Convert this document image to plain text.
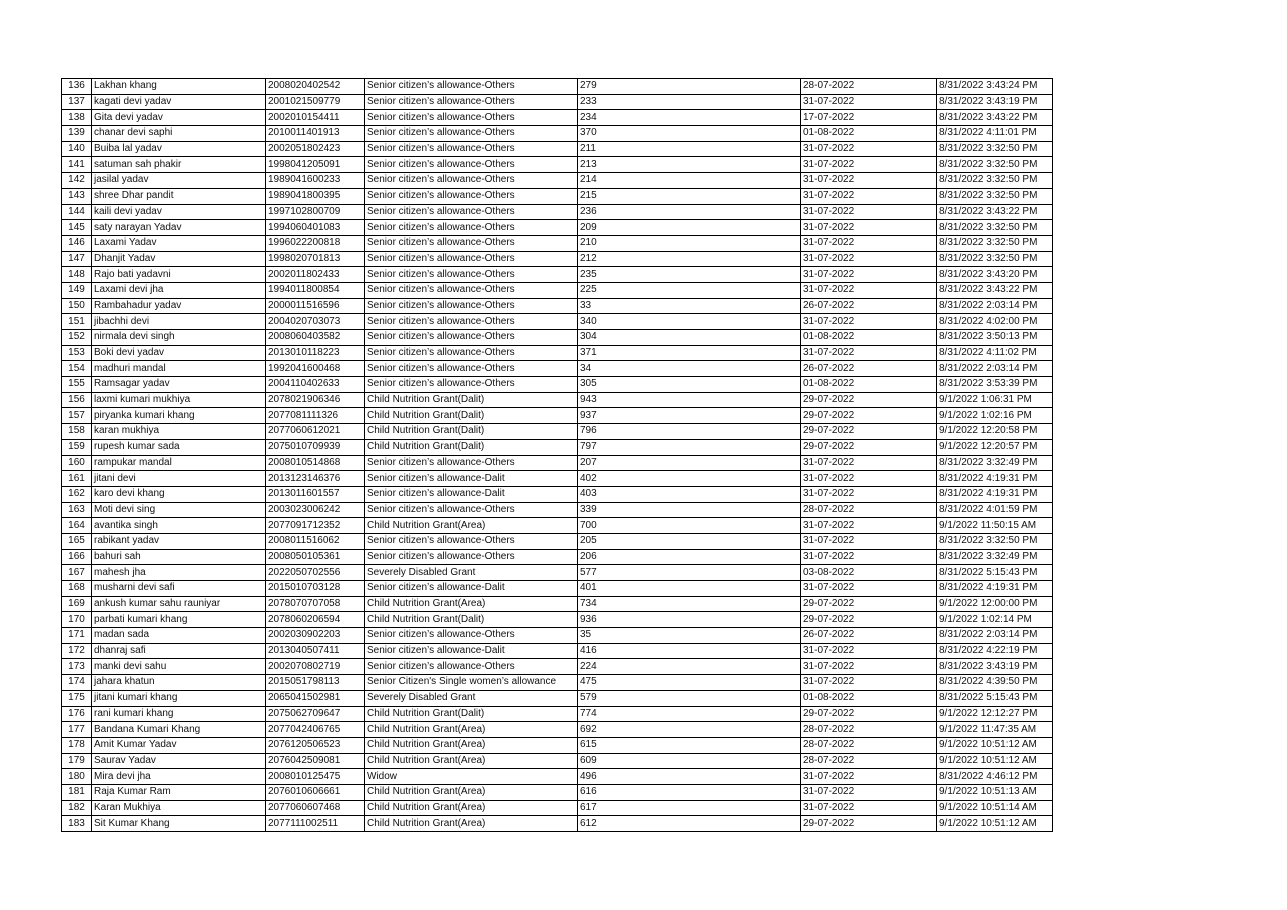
136	Lakhan khang	2008020402542	Senior citizen’s allowance-Others	279	28-07-2022	8/31/2022 3:43:24 PM
137	kagati devi yadav	2001021509779	Senior citizen’s allowance-Others	233	31-07-2022	8/31/2022 3:43:19 PM
138	Gita devi yadav	2002010154411	Senior citizen’s allowance-Others	234	17-07-2022	8/31/2022 3:43:22 PM
139	chanar devi saphi	2010011401913	Senior citizen’s allowance-Others	370	01-08-2022	8/31/2022 4:11:01 PM
140	Buiba lal yadav	2002051802423	Senior citizen’s allowance-Others	211	31-07-2022	8/31/2022 3:32:50 PM
141	satuman sah phakir	1998041205091	Senior citizen’s allowance-Others	213	31-07-2022	8/31/2022 3:32:50 PM
142	jasilal yadav	1989041600233	Senior citizen’s allowance-Others	214	31-07-2022	8/31/2022 3:32:50 PM
143	shree Dhar pandit	1989041800395	Senior citizen’s allowance-Others	215	31-07-2022	8/31/2022 3:32:50 PM
144	kaili devi yadav	1997102800709	Senior citizen’s allowance-Others	236	31-07-2022	8/31/2022 3:43:22 PM
145	saty narayan Yadav	1994060401083	Senior citizen’s allowance-Others	209	31-07-2022	8/31/2022 3:32:50 PM
146	Laxami Yadav	1996022200818	Senior citizen’s allowance-Others	210	31-07-2022	8/31/2022 3:32:50 PM
147	Dhanjit Yadav	1998020701813	Senior citizen’s allowance-Others	212	31-07-2022	8/31/2022 3:32:50 PM
148	Rajo bati yadavni	2002011802433	Senior citizen’s allowance-Others	235	31-07-2022	8/31/2022 3:43:20 PM
149	Laxami devi jha	1994011800854	Senior citizen’s allowance-Others	225	31-07-2022	8/31/2022 3:43:22 PM
150	Rambahadur yadav	2000011516596	Senior citizen’s allowance-Others	33	26-07-2022	8/31/2022 2:03:14 PM
151	jibachhi devi	2004020703073	Senior citizen’s allowance-Others	340	31-07-2022	8/31/2022 4:02:00 PM
152	nirmala devi singh	2008060403582	Senior citizen’s allowance-Others	304	01-08-2022	8/31/2022 3:50:13 PM
153	Boki devi yadav	2013010118223	Senior citizen’s allowance-Others	371	31-07-2022	8/31/2022 4:11:02 PM
154	madhuri mandal	1992041600468	Senior citizen’s allowance-Others	34	26-07-2022	8/31/2022 2:03:14 PM
155	Ramsagar yadav	2004110402633	Senior citizen’s allowance-Others	305	01-08-2022	8/31/2022 3:53:39 PM
156	laxmi kumari mukhiya	2078021906346	Child Nutrition Grant(Dalit)	943	29-07-2022	9/1/2022 1:06:31 PM
157	piryanka kumari khang	2077081111326	Child Nutrition Grant(Dalit)	937	29-07-2022	9/1/2022 1:02:16 PM
158	karan mukhiya	2077060612021	Child Nutrition Grant(Dalit)	796	29-07-2022	9/1/2022 12:20:58 PM
159	rupesh kumar sada	2075010709939	Child Nutrition Grant(Dalit)	797	29-07-2022	9/1/2022 12:20:57 PM
160	rampukar mandal	2008010514868	Senior citizen’s allowance-Others	207	31-07-2022	8/31/2022 3:32:49 PM
161	jitani devi	2013123146376	Senior citizen’s allowance-Dalit	402	31-07-2022	8/31/2022 4:19:31 PM
162	karo devi khang	2013011601557	Senior citizen’s allowance-Dalit	403	31-07-2022	8/31/2022 4:19:31 PM
163	Moti devi sing	2003023006242	Senior citizen’s allowance-Others	339	28-07-2022	8/31/2022 4:01:59 PM
164	avantika singh	2077091712352	Child Nutrition Grant(Area)	700	31-07-2022	9/1/2022 11:50:15 AM
165	rabikant yadav	2008011516062	Senior citizen’s allowance-Others	205	31-07-2022	8/31/2022 3:32:50 PM
166	bahuri sah	2008050105361	Senior citizen’s allowance-Others	206	31-07-2022	8/31/2022 3:32:49 PM
167	mahesh jha	2022050702556	Severely Disabled Grant	577	03-08-2022	8/31/2022 5:15:43 PM
168	musharni devi safi	2015010703128	Senior citizen’s allowance-Dalit	401	31-07-2022	8/31/2022 4:19:31 PM
169	ankush kumar sahu rauniyar	2078070707058	Child Nutrition Grant(Area)	734	29-07-2022	9/1/2022 12:00:00 PM
170	parbati kumari khang	2078060206594	Child Nutrition Grant(Dalit)	936	29-07-2022	9/1/2022 1:02:14 PM
171	madan sada	2002030902203	Senior citizen’s allowance-Others	35	26-07-2022	8/31/2022 2:03:14 PM
172	dhanraj safi	2013040507411	Senior citizen’s allowance-Dalit	416	31-07-2022	8/31/2022 4:22:19 PM
173	manki devi sahu	2002070802719	Senior citizen’s allowance-Others	224	31-07-2022	8/31/2022 3:43:19 PM
174	jahara khatun	2015051798113	Senior Citizen's Single women’s allowance	475	31-07-2022	8/31/2022 4:39:50 PM
175	jitani kumari khang	2065041502981	Severely Disabled Grant	579	01-08-2022	8/31/2022 5:15:43 PM
176	rani kumari khang	2075062709647	Child Nutrition Grant(Dalit)	774	29-07-2022	9/1/2022 12:12:27 PM
177	Bandana Kumari Khang	2077042406765	Child Nutrition Grant(Area)	692	28-07-2022	9/1/2022 11:47:35 AM
178	Amit Kumar Yadav	2076120506523	Child Nutrition Grant(Area)	615	28-07-2022	9/1/2022 10:51:12 AM
179	Saurav Yadav	2076042509081	Child Nutrition Grant(Area)	609	28-07-2022	9/1/2022 10:51:12 AM
180	Mira devi jha	2008010125475	Widow	496	31-07-2022	8/31/2022 4:46:12 PM
181	Raja Kumar Ram	2076010606661	Child Nutrition Grant(Area)	616	31-07-2022	9/1/2022 10:51:13 AM
182	Karan Mukhiya	2077060607468	Child Nutrition Grant(Area)	617	31-07-2022	9/1/2022 10:51:14 AM
183	Sit Kumar Khang	2077111002511	Child Nutrition Grant(Area)	612	29-07-2022	9/1/2022 10:51:12 AM
